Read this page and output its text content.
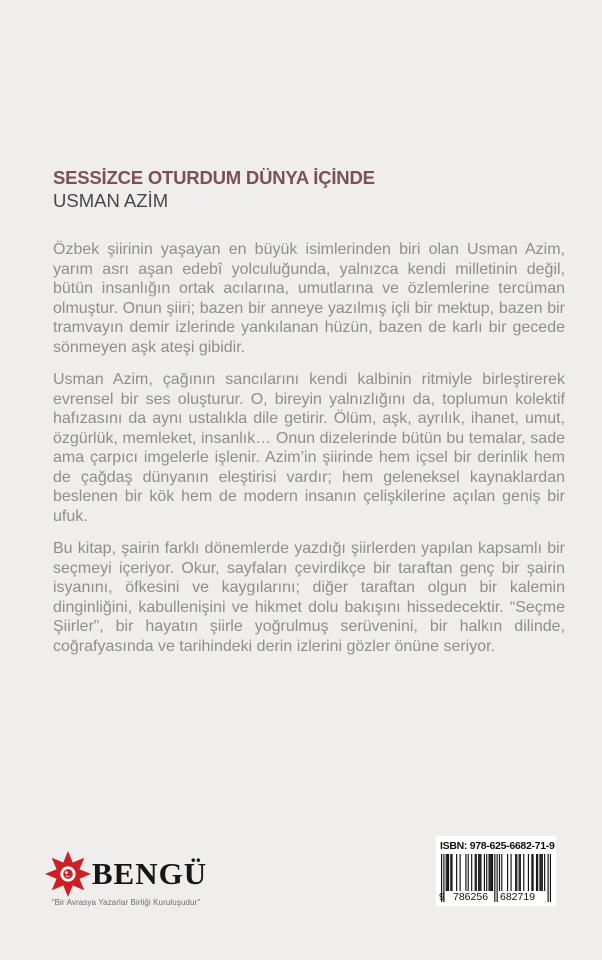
SESSİZCE OTURDUM DÜNYA İÇİNDE
USMAN AZİM

Özbek şiirinin yaşayan en büyük isimlerinden biri olan Usman Azim, yarım asrı aşan edebî yolculuğunda, yalnızca kendi milletinin değil, bütün insanlığın ortak acılarına, umutlarına ve özlemlerine tercüman olmuştur. Onun şiiri; bazen bir anneye yazılmış içli bir mektup, bazen bir tramvayın demir izlerinde yankılanan hüzün, bazen de karlı bir gecede sönmeyen aşk ateşi gibidir.

Usman Azim, çağının sancılarını kendi kalbinin ritmiyle birleştirerek evrensel bir ses oluşturur. O, bireyin yalnızlığını da, toplumun kolektif hafızasını da aynı ustalıkla dile getirir. Ölüm, aşk, ayrılık, ihanet, umut, özgürlük, memleket, insanlık… Onun dizelerinde bütün bu temalar, sade ama çarpıcı imgelerle işlenir. Azim’in şiirinde hem içsel bir derinlik hem de çağdaş dünyanın eleştirisi vardır; hem geleneksel kaynaklardan beslenen bir kök hem de modern insanın çelişkilerine açılan geniş bir ufuk.

Bu kitap, şairin farklı dönemlerde yazdığı şiirlerden yapılan kapsamlı bir seçmeyi içeriyor. Okur, sayfaları çevirdikçe bir taraftan genç bir şairin isyanını, öfkesini ve kaygılarını; diğer taraftan olgun bir kalemin dinginliğini, kabullenişini ve hikmet dolu bakışını hissedecektir. “Seçme Şiirler”, bir hayatın şiirle yoğrulmuş serüvenini, bir halkın dilinde, coğrafyasında ve tarihindeki derin izlerini gözler önüne seriyor.

BENGÜ
“Bir Avrasya Yazarlar Birliği Kuruluşudur”
ISBN: 978-625-6682-71-9
9 786256 682719
